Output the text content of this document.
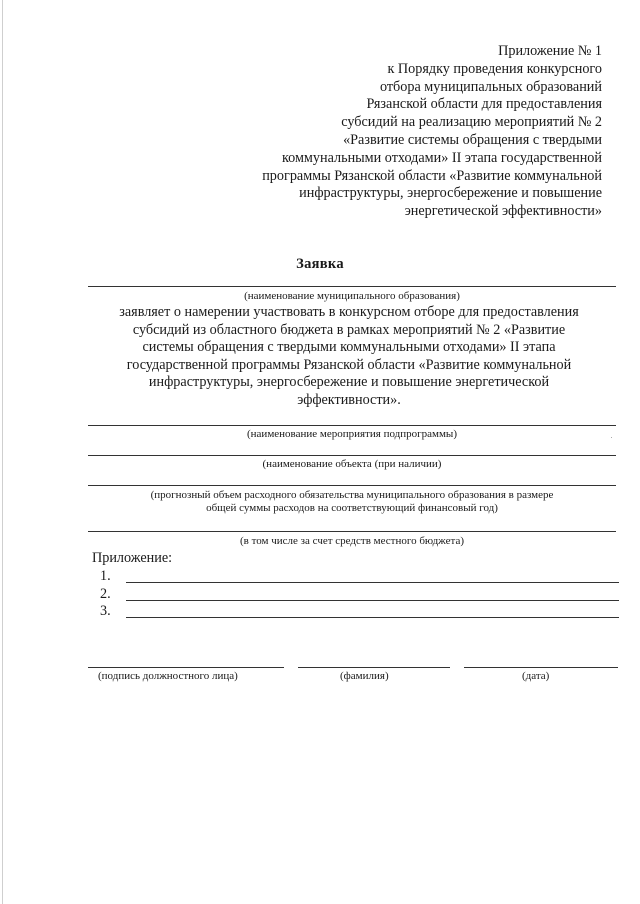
Приложение № 1
к Порядку проведения конкурсного
отбора муниципальных образований
Рязанской области для предоставления
субсидий на реализацию мероприятий № 2
«Развитие системы обращения с твердыми
коммунальными отходами» II этапа государственной
программы Рязанской области «Развитие коммунальной
инфраструктуры, энергосбережение и повышение
энергетической эффективности»
Заявка
(наименование муниципального образования)
заявляет о намерении участвовать в конкурсном отборе для предоставления
субсидий из областного бюджета в рамках мероприятий № 2 «Развитие
системы обращения с твердыми коммунальными отходами» II этапа
государственной программы Рязанской области «Развитие коммунальной
инфраструктуры, энергосбережение и повышение энергетической
эффективности».
(наименование мероприятия подпрограммы)
(наименование объекта (при наличии)
(прогнозный объем расходного обязательства муниципального образования в размере
общей суммы расходов на соответствующий финансовый год)
(в том числе за счет средств местного бюджета)
Приложение:
1.
2.
3.
(подпись должностного лица)	(фамилия)	(дата)
